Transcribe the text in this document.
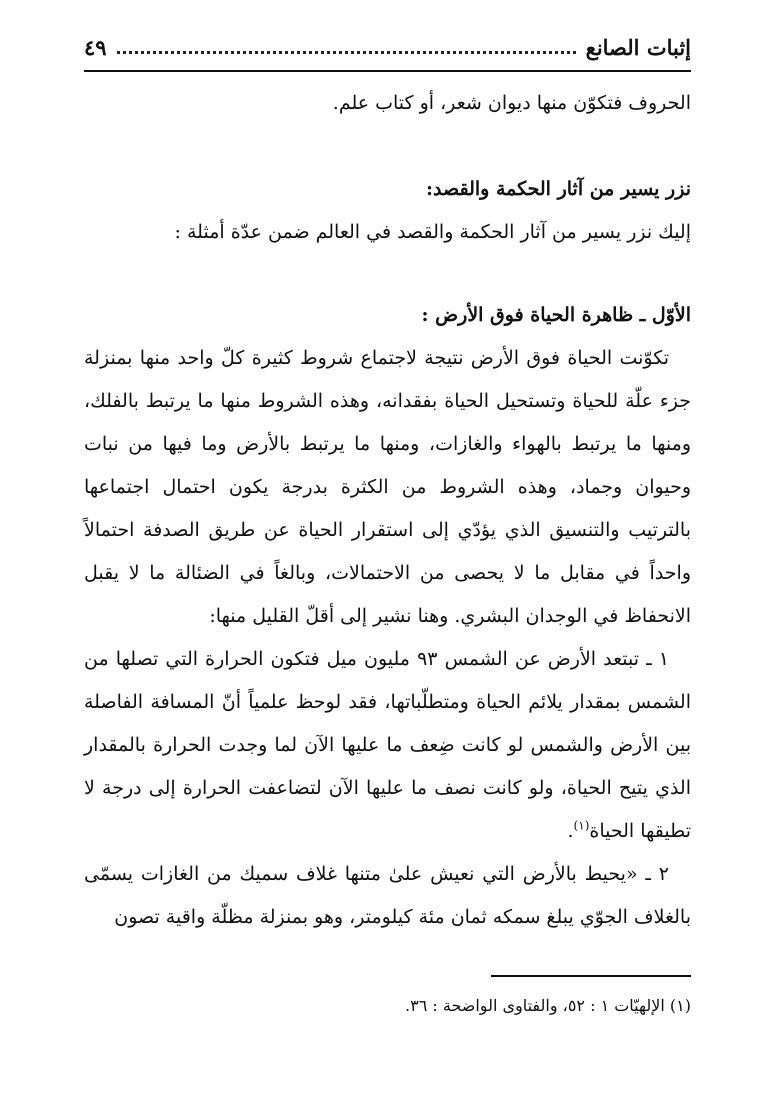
إثبات الصانع
٤٩

الحروف فتكوّن منها ديوان شعر، أو كتاب علم.

نزر يسير من آثار الحكمة والقصد:

إليك نزر يسير من آثار الحكمة والقصد في العالم ضمن عدّة أمثلة :

الأوّل ـ ظاهرة الحياة فوق الأرض :

تكوّنت الحياة فوق الأرض نتيجة لاجتماع شروط كثيرة كلّ واحد منها بمنزلة جزء علّة للحياة وتستحيل الحياة بفقدانه، وهذه الشروط منها ما يرتبط بالفلك، ومنها ما يرتبط بالهواء والغازات، ومنها ما يرتبط بالأرض وما فيها من نبات وحيوان وجماد، وهذه الشروط من الكثرة بدرجة يكون احتمال اجتماعها بالترتيب والتنسيق الذي يؤدّي إلى استقرار الحياة عن طريق الصدفة احتمالاً واحداً في مقابل ما لا يحصى من الاحتمالات، وبالغاً في الضئالة ما لا يقبل الانحفاظ في الوجدان البشري. وهنا نشير إلى أقلّ القليل منها:

١ ـ تبتعد الأرض عن الشمس ٩٣ مليون ميل فتكون الحرارة التي تصلها من الشمس بمقدار يلائم الحياة ومتطلّباتها، فقد لوحظ علمياً أنّ المسافة الفاصلة بين الأرض والشمس لو كانت ضِعف ما عليها الآن لما وجدت الحرارة بالمقدار الذي يتيح الحياة، ولو كانت نصف ما عليها الآن لتضاعفت الحرارة إلى درجة لا تطيقها الحياة$^{(١)}$.

٢ ـ «يحيط بالأرض التي نعيش علىٰ متنها غلاف سميك من الغازات يسمّى بالغلاف الجوّي يبلغ سمكه ثمان مئة كيلومتر، وهو بمنزلة مظلّة واقية تصون

(١) الإلهيّات ١ : ٥٢، والفتاوى الواضحة : ٣٦.
